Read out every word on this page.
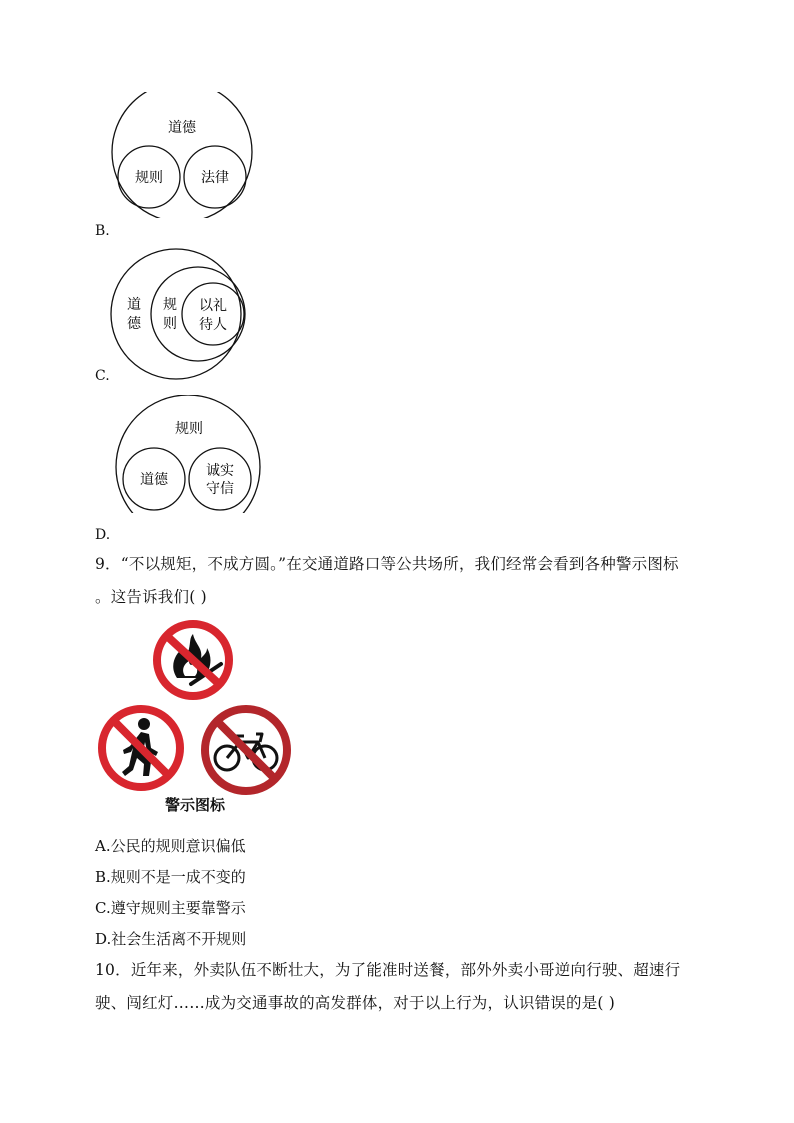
道德
规则	法律
B.
道
德
规
则
以礼
待人
C.
规则
道德
诚实
守信
D.
9．“不以规矩，不成方圆。”在交通道路口等公共场所，我们经常会看到各种警示图标
。这告诉我们( )
警示图标
A.公民的规则意识偏低
B.规则不是一成不变的
C.遵守规则主要靠警示
D.社会生活离不开规则
10．近年来，外卖队伍不断壮大，为了能准时送餐，部外外卖小哥逆向行驶、超速行
驶、闯红灯……成为交通事故的高发群体，对于以上行为，认识错误的是( )
